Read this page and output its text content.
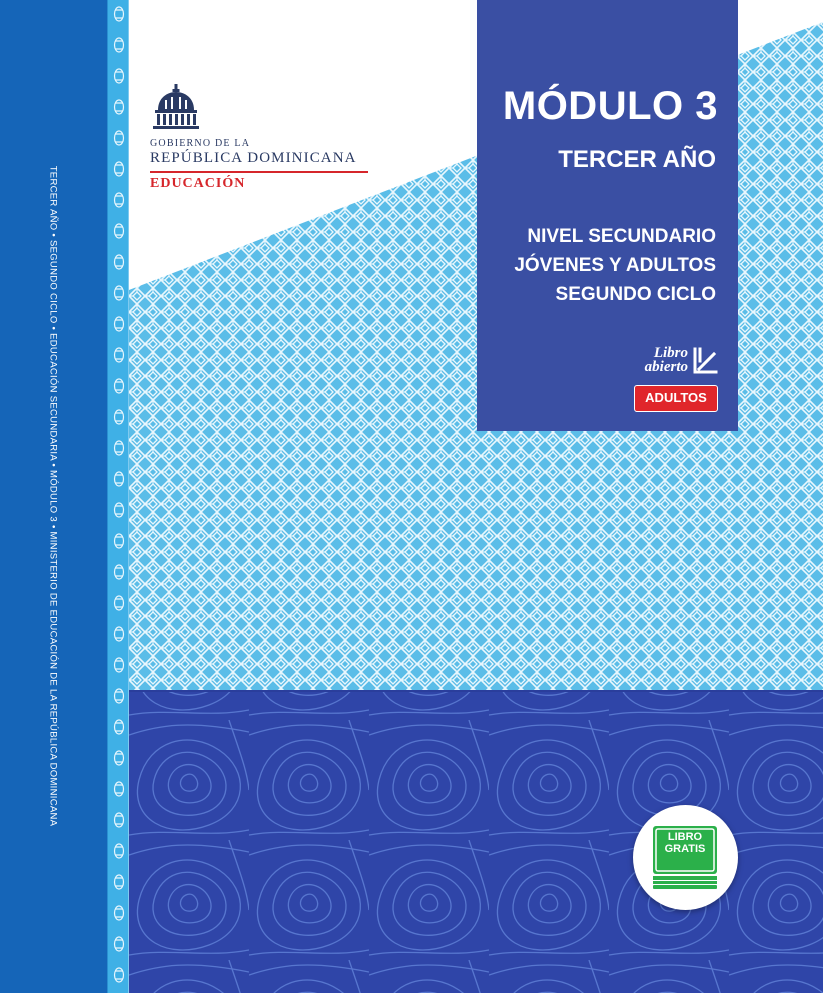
TERCER AÑO • SEGUNDO CICLO • EDUCACIÓN SECUNDARIA • MÓDULO 3 • MINISTERIO DE EDUCACIÓN DE LA REPÚBLICA DOMINICANA
GOBIERNO DE LA
REPÚBLICA DOMINICANA
EDUCACIÓN
MÓDULO 3
TERCER AÑO
NIVEL SECUNDARIO
JÓVENES Y ADULTOS
SEGUNDO CICLO
Libro
abierto
ADULTOS
LIBRO
GRATIS
